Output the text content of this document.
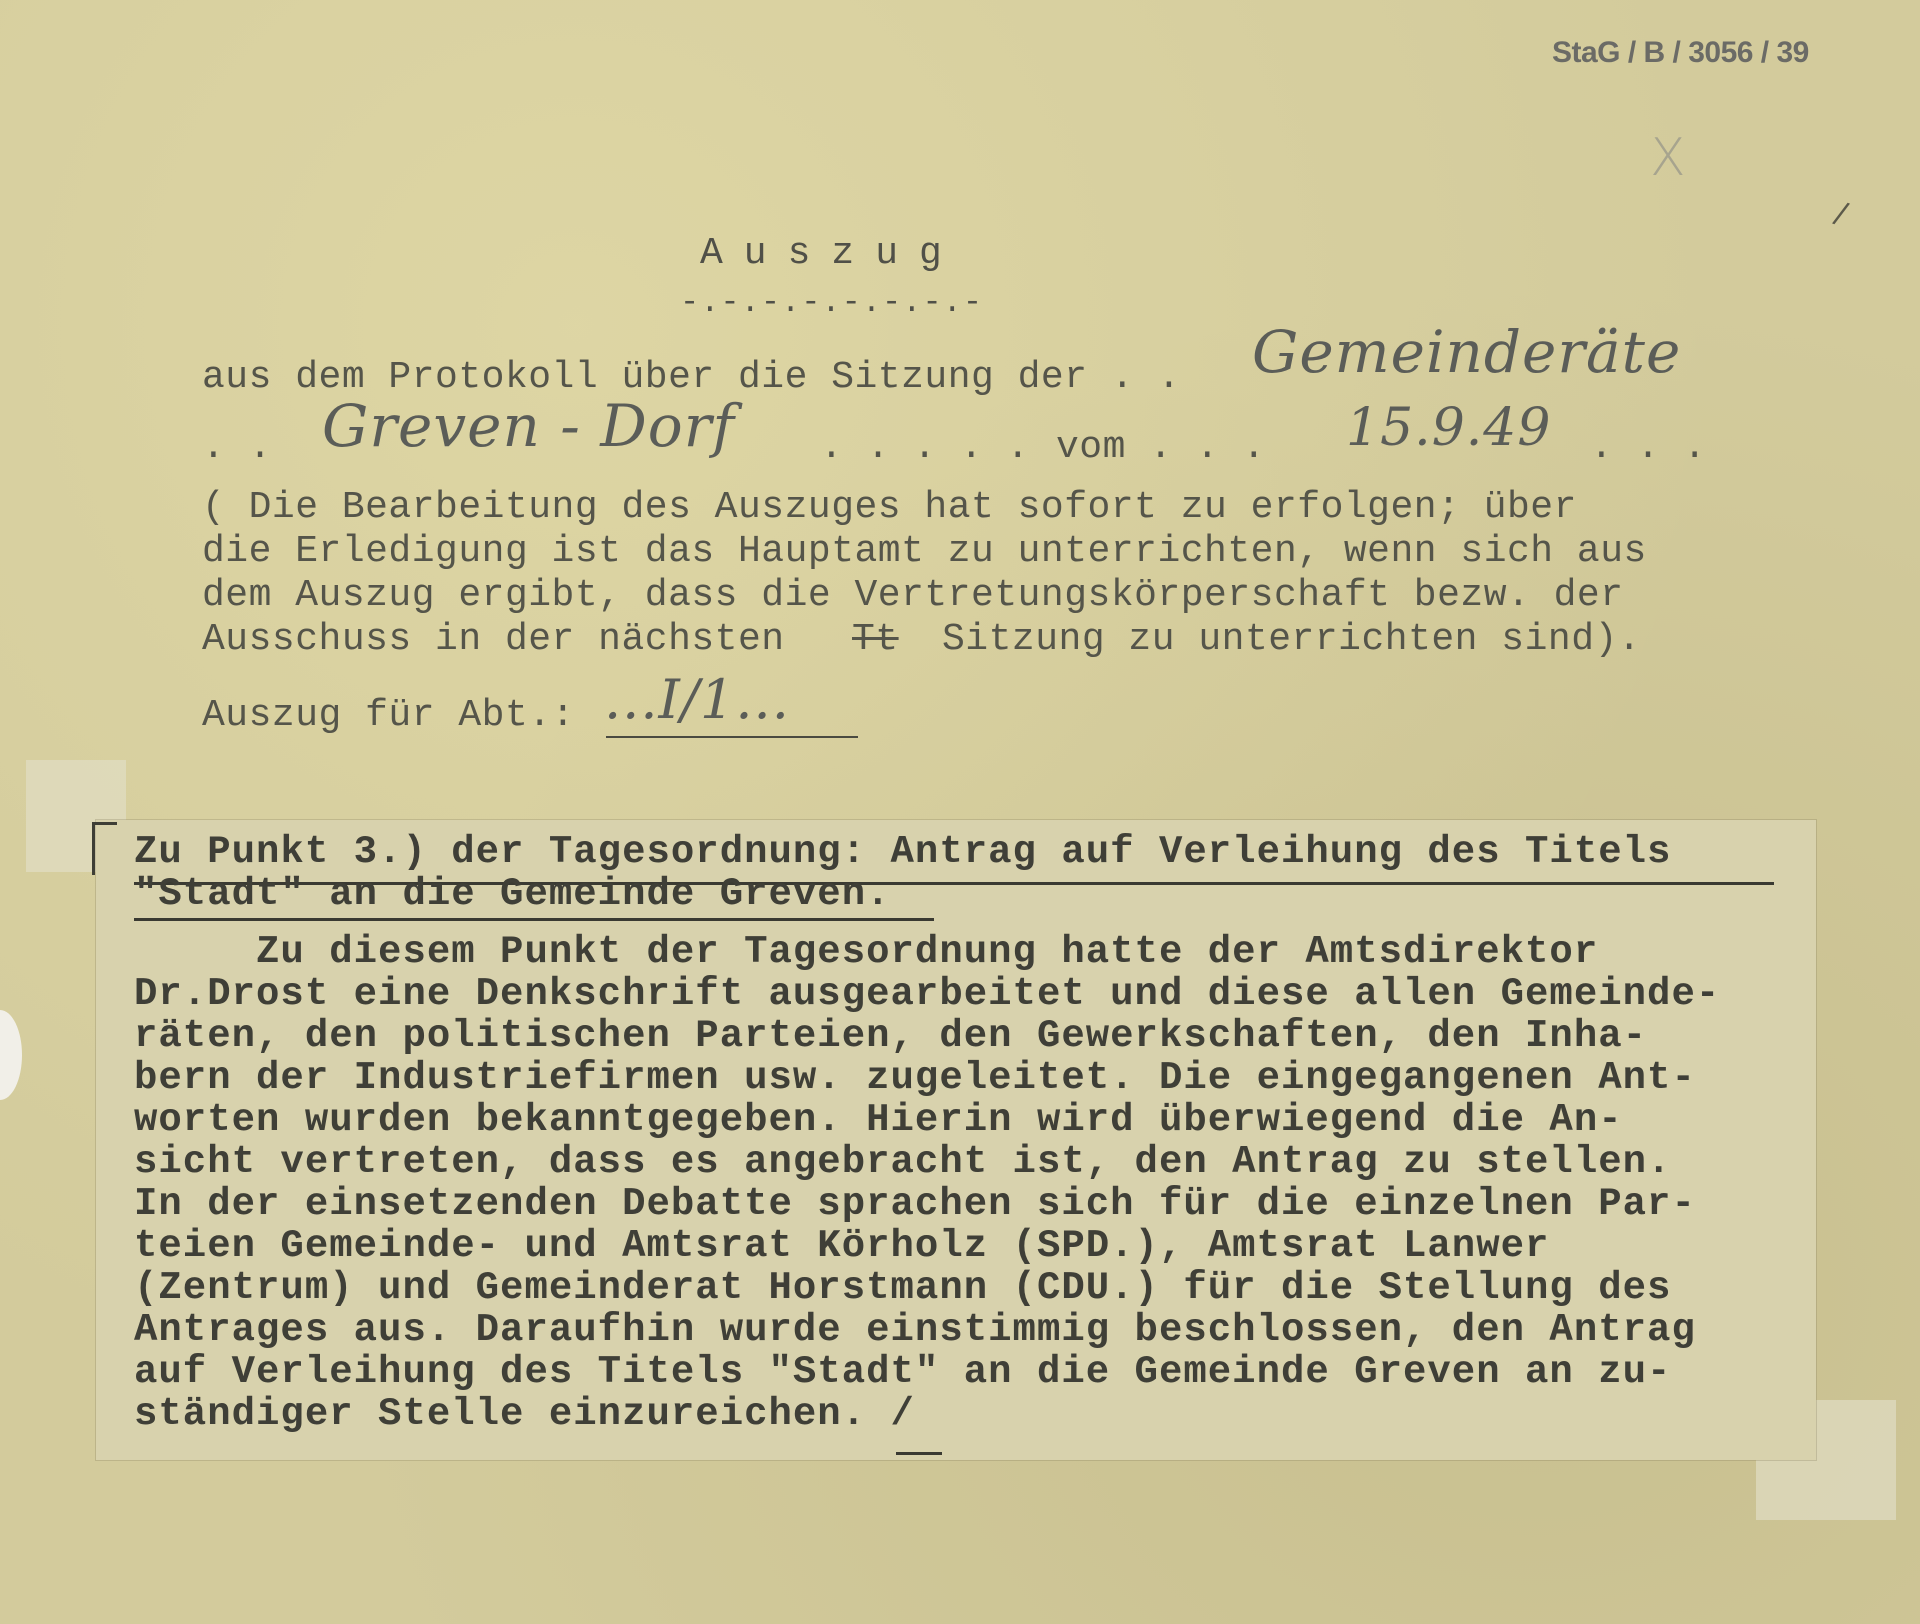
StaG / B / 3056 / 39
X
/
Auszug
-.-.-.-.-.-.-.-
aus dem Protokoll über die Sitzung der . . Gemeinderäte
. . Greven - Dorf . . . . . vom . . . 15.9.49 . . .
( Die Bearbeitung des Auszuges hat sofort zu erfolgen; über
die Erledigung ist das Hauptamt zu unterrichten, wenn sich aus
dem Auszug ergibt, dass die Vertretungskörperschaft bezw. der
Ausschuss in der nächsten Tt Sitzung zu unterrichten sind).
Auszug für Abt.: ...I/1...
Zu Punkt 3.) der Tagesordnung: Antrag auf Verleihung des Titels
"Stadt" an die Gemeinde Greven.
Zu diesem Punkt der Tagesordnung hatte der Amtsdirektor
Dr.Drost eine Denkschrift ausgearbeitet und diese allen Gemeinde-
räten, den politischen Parteien, den Gewerkschaften, den Inha-
bern der Industriefirmen usw. zugeleitet. Die eingegangenen Ant-
worten wurden bekanntgegeben. Hierin wird überwiegend die An-
sicht vertreten, dass es angebracht ist, den Antrag zu stellen.
In der einsetzenden Debatte sprachen sich für die einzelnen Par-
teien Gemeinde- und Amtsrat Körholz (SPD.), Amtsrat Lanwer
(Zentrum) und Gemeinderat Horstmann (CDU.) für die Stellung des
Antrages aus. Daraufhin wurde einstimmig beschlossen, den Antrag
auf Verleihung des Titels "Stadt" an die Gemeinde Greven an zu-
ständiger Stelle einzureichen. /
